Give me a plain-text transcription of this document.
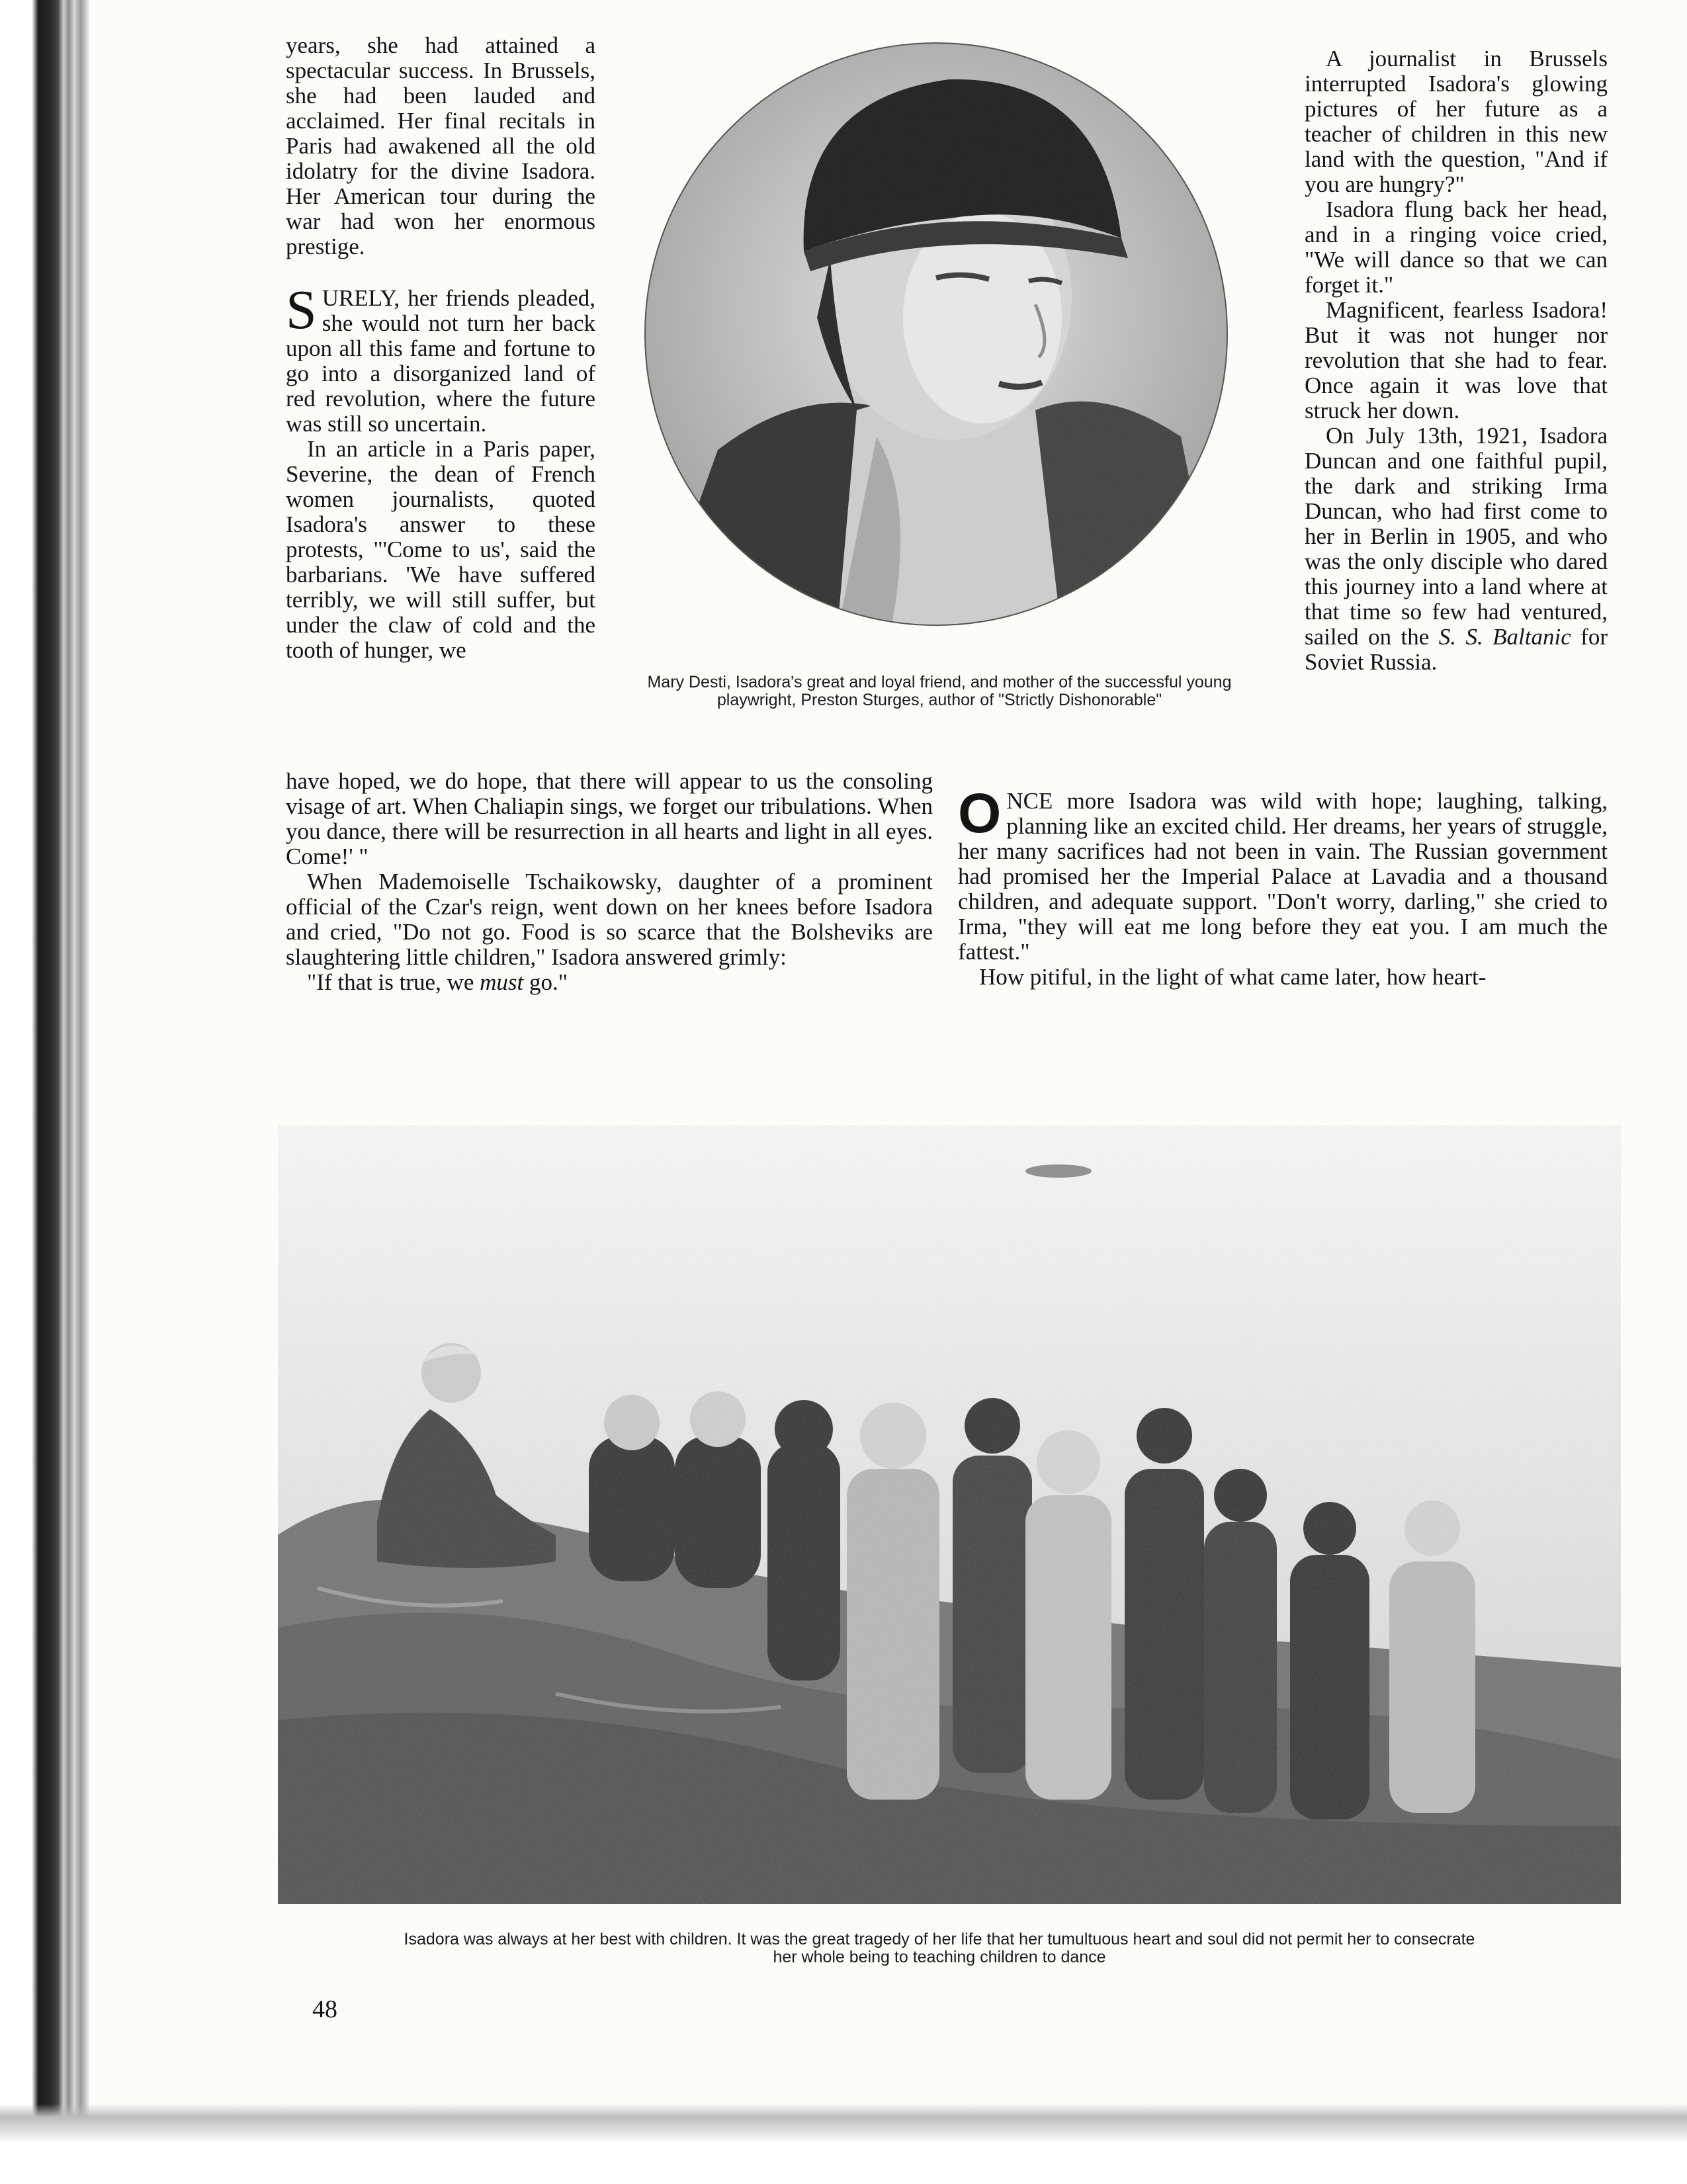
years, she had attained a spectacular success. In Brussels, she had been lauded and acclaimed. Her final recitals in Paris had awakened all the old idolatry for the divine Isadora. Her American tour during the war had won her enormous prestige.

SURELY, her friends pleaded, she would not turn her back upon all this fame and fortune to go into a disorganized land of red revolution, where the future was still so uncertain.

In an article in a Paris paper, Severine, the dean of French women journalists, quoted Isadora's answer to these protests, "'Come to us', said the barbarians. 'We have suffered terribly, we will still suffer, but under the claw of cold and the tooth of hunger, we

have hoped, we do hope, that there will appear to us the consoling visage of art. When Chaliapin sings, we forget our tribulations. When you dance, there will be resurrection in all hearts and light in all eyes. Come!' "

When Mademoiselle Tschaikowsky, daughter of a prominent official of the Czar's reign, went down on her knees before Isadora and cried, "Do not go. Food is so scarce that the Bolsheviks are slaughtering little children," Isadora answered grimly:

"If that is true, we must go."

Mary Desti, Isadora's great and loyal friend, and mother of the successful young playwright, Preston Sturges, author of "Strictly Dishonorable"

A journalist in Brussels interrupted Isadora's glowing pictures of her future as a teacher of children in this new land with the question, "And if you are hungry?"

Isadora flung back her head, and in a ringing voice cried, "We will dance so that we can forget it."

Magnificent, fearless Isadora! But it was not hunger nor revolution that she had to fear. Once again it was love that struck her down.

On July 13th, 1921, Isadora Duncan and one faithful pupil, the dark and striking Irma Duncan, who had first come to her in Berlin in 1905, and who was the only disciple who dared this journey into a land where at that time so few had ventured, sailed on the S. S. Baltanic for Soviet Russia.

ONCE more Isadora was wild with hope; laughing, talking, planning like an excited child. Her dreams, her years of struggle, her many sacrifices had not been in vain. The Russian government had promised her the Imperial Palace at Lavadia and a thousand children, and adequate support. "Don't worry, darling," she cried to Irma, "they will eat me long before they eat you. I am much the fattest."

How pitiful, in the light of what came later, how heart-

Isadora was always at her best with children. It was the great tragedy of her life that her tumultuous heart and soul did not permit her to consecrate her whole being to teaching children to dance
48
